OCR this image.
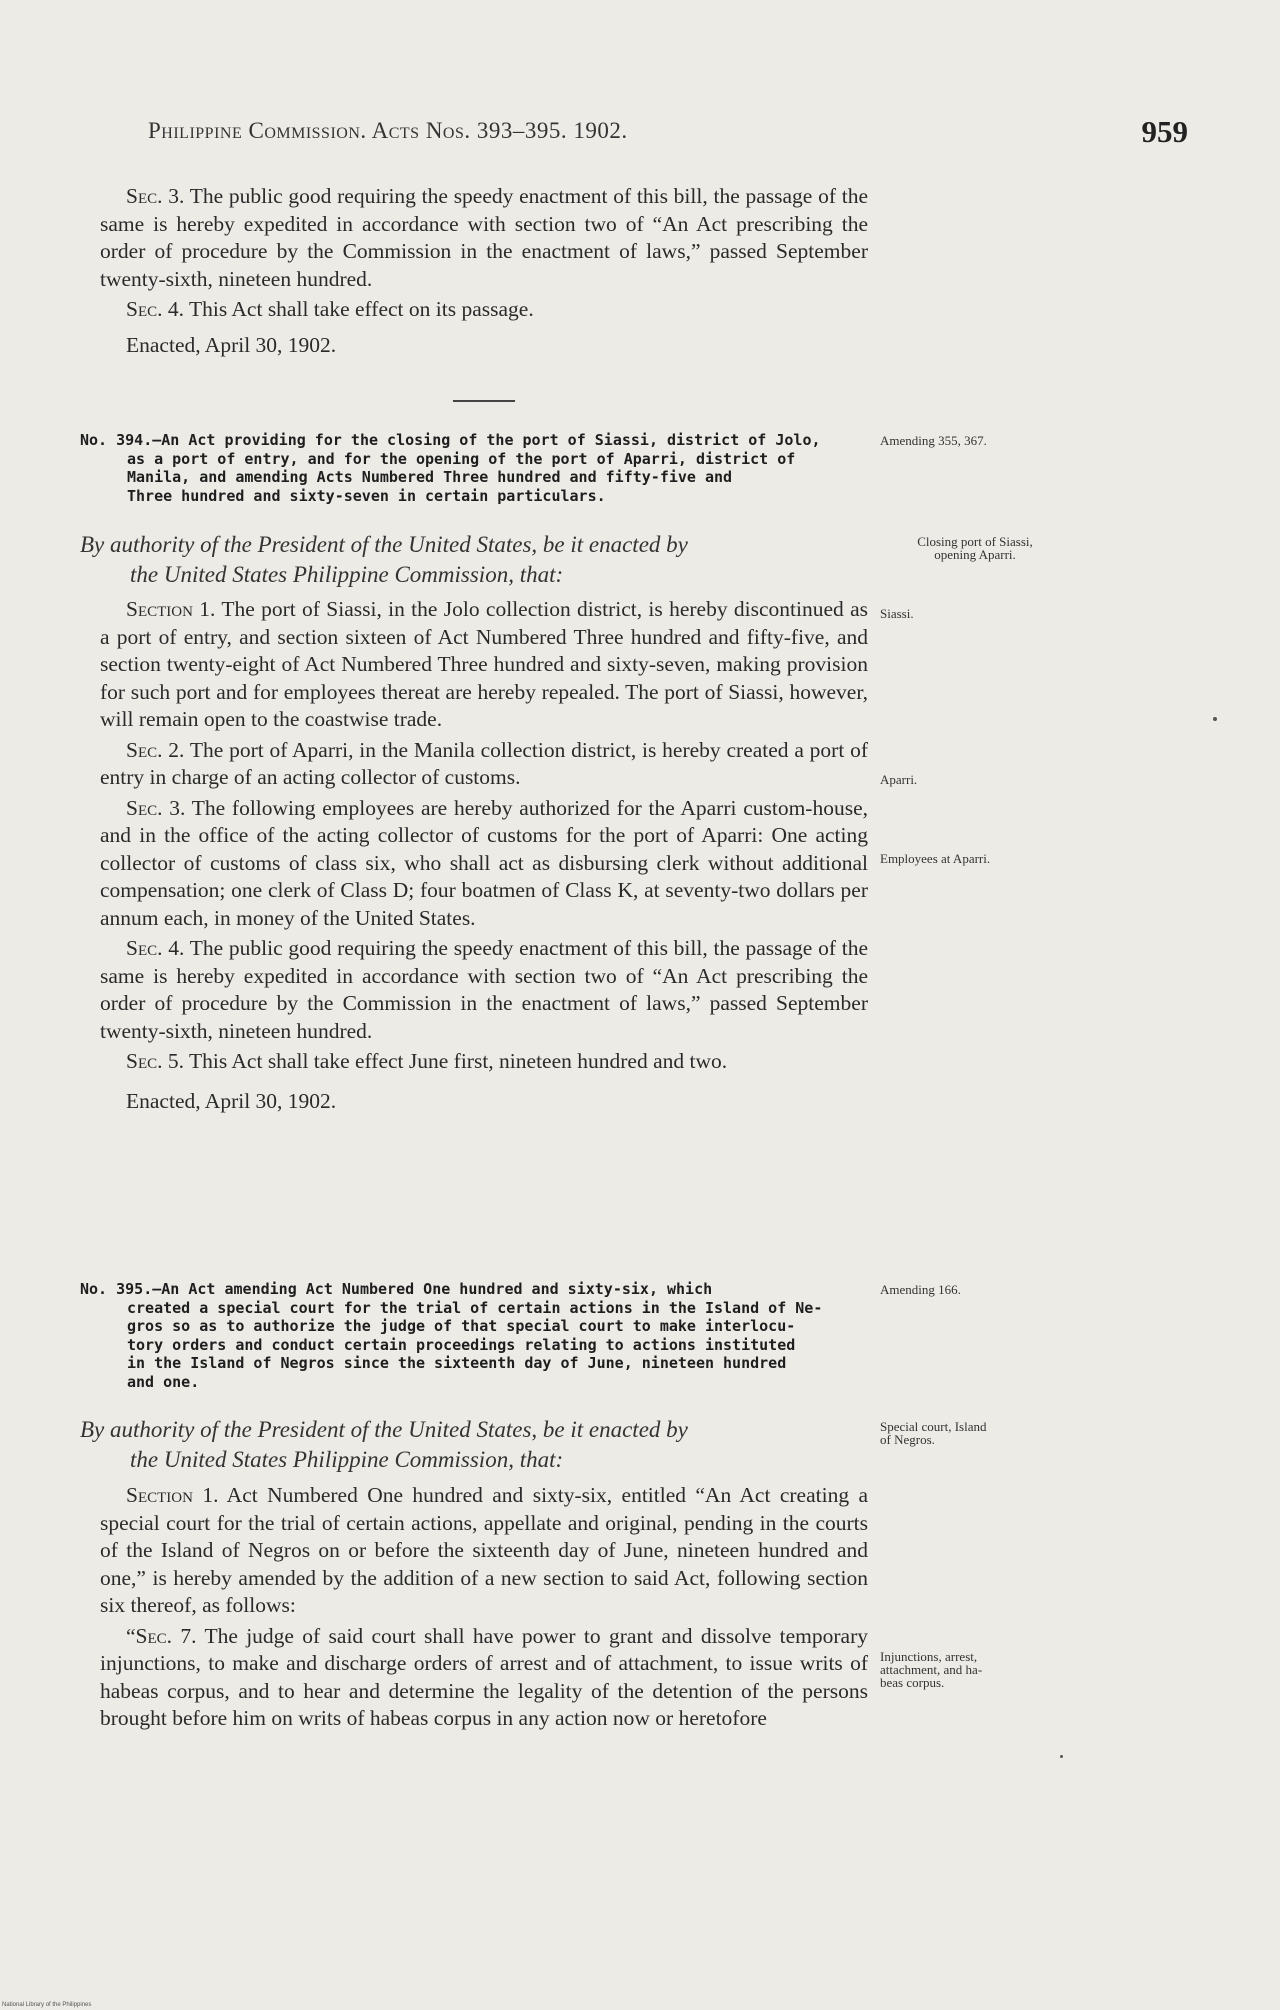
Philippine Commission. Acts Nos. 393–395. 1902.	959

Sec. 3. The public good requiring the speedy enactment of this bill, the passage of the same is hereby expedited in accordance with section two of “An Act prescribing the order of procedure by the Commission in the enactment of laws,” passed September twenty-sixth, nineteen hundred.

Sec. 4. This Act shall take effect on its passage.

Enacted, April 30, 1902.

No. 394.—An Act providing for the closing of the port of Siassi, district of Jolo,
as a port of entry, and for the opening of the port of Aparri, district of
Manila, and amending Acts Numbered Three hundred and fifty-five and
Three hundred and sixty-seven in certain particulars.
Amending 355, 367.
By authority of the President of the United States, be it enacted by
the United States Philippine Commission, that:
Closing port of Siassi,
opening Aparri.

Section 1. The port of Siassi, in the Jolo collection district, is hereby discontinued as a port of entry, and section sixteen of Act Numbered Three hundred and fifty-five, and section twenty-eight of Act Numbered Three hundred and sixty-seven, making provision for such port and for employees thereat are hereby repealed. The port of Siassi, however, will remain open to the coastwise trade.

Sec. 2. The port of Aparri, in the Manila collection district, is hereby created a port of entry in charge of an acting collector of customs.

Sec. 3. The following employees are hereby authorized for the Aparri custom-house, and in the office of the acting collector of customs for the port of Aparri: One acting collector of customs of class six, who shall act as disbursing clerk without additional compensation; one clerk of Class D; four boatmen of Class K, at seventy-two dollars per annum each, in money of the United States.

Sec. 4. The public good requiring the speedy enactment of this bill, the passage of the same is hereby expedited in accordance with section two of “An Act prescribing the order of procedure by the Commission in the enactment of laws,” passed September twenty-sixth, nineteen hundred.

Sec. 5. This Act shall take effect June first, nineteen hundred and two.

Enacted, April 30, 1902.

Siassi.
Aparri.
Employees at Aparri.
No. 395.—An Act amending Act Numbered One hundred and sixty-six, which
created a special court for the trial of certain actions in the Island of Ne-
gros so as to authorize the judge of that special court to make interlocu-
tory orders and conduct certain proceedings relating to actions instituted
in the Island of Negros since the sixteenth day of June, nineteen hundred
and one.
Amending 166.
By authority of the President of the United States, be it enacted by
the United States Philippine Commission, that:
Special court, Island
of Negros.

Section 1. Act Numbered One hundred and sixty-six, entitled “An Act creating a special court for the trial of certain actions, appellate and original, pending in the courts of the Island of Negros on or before the sixteenth day of June, nineteen hundred and one,” is hereby amended by the addition of a new section to said Act, following section six thereof, as follows:

“Sec. 7. The judge of said court shall have power to grant and dissolve temporary injunctions, to make and discharge orders of arrest and of attachment, to issue writs of habeas corpus, and to hear and determine the legality of the detention of the persons brought before him on writs of habeas corpus in any action now or heretofore

Injunctions, arrest,
attachment, and ha-
beas corpus.
National Library of the Philippines
